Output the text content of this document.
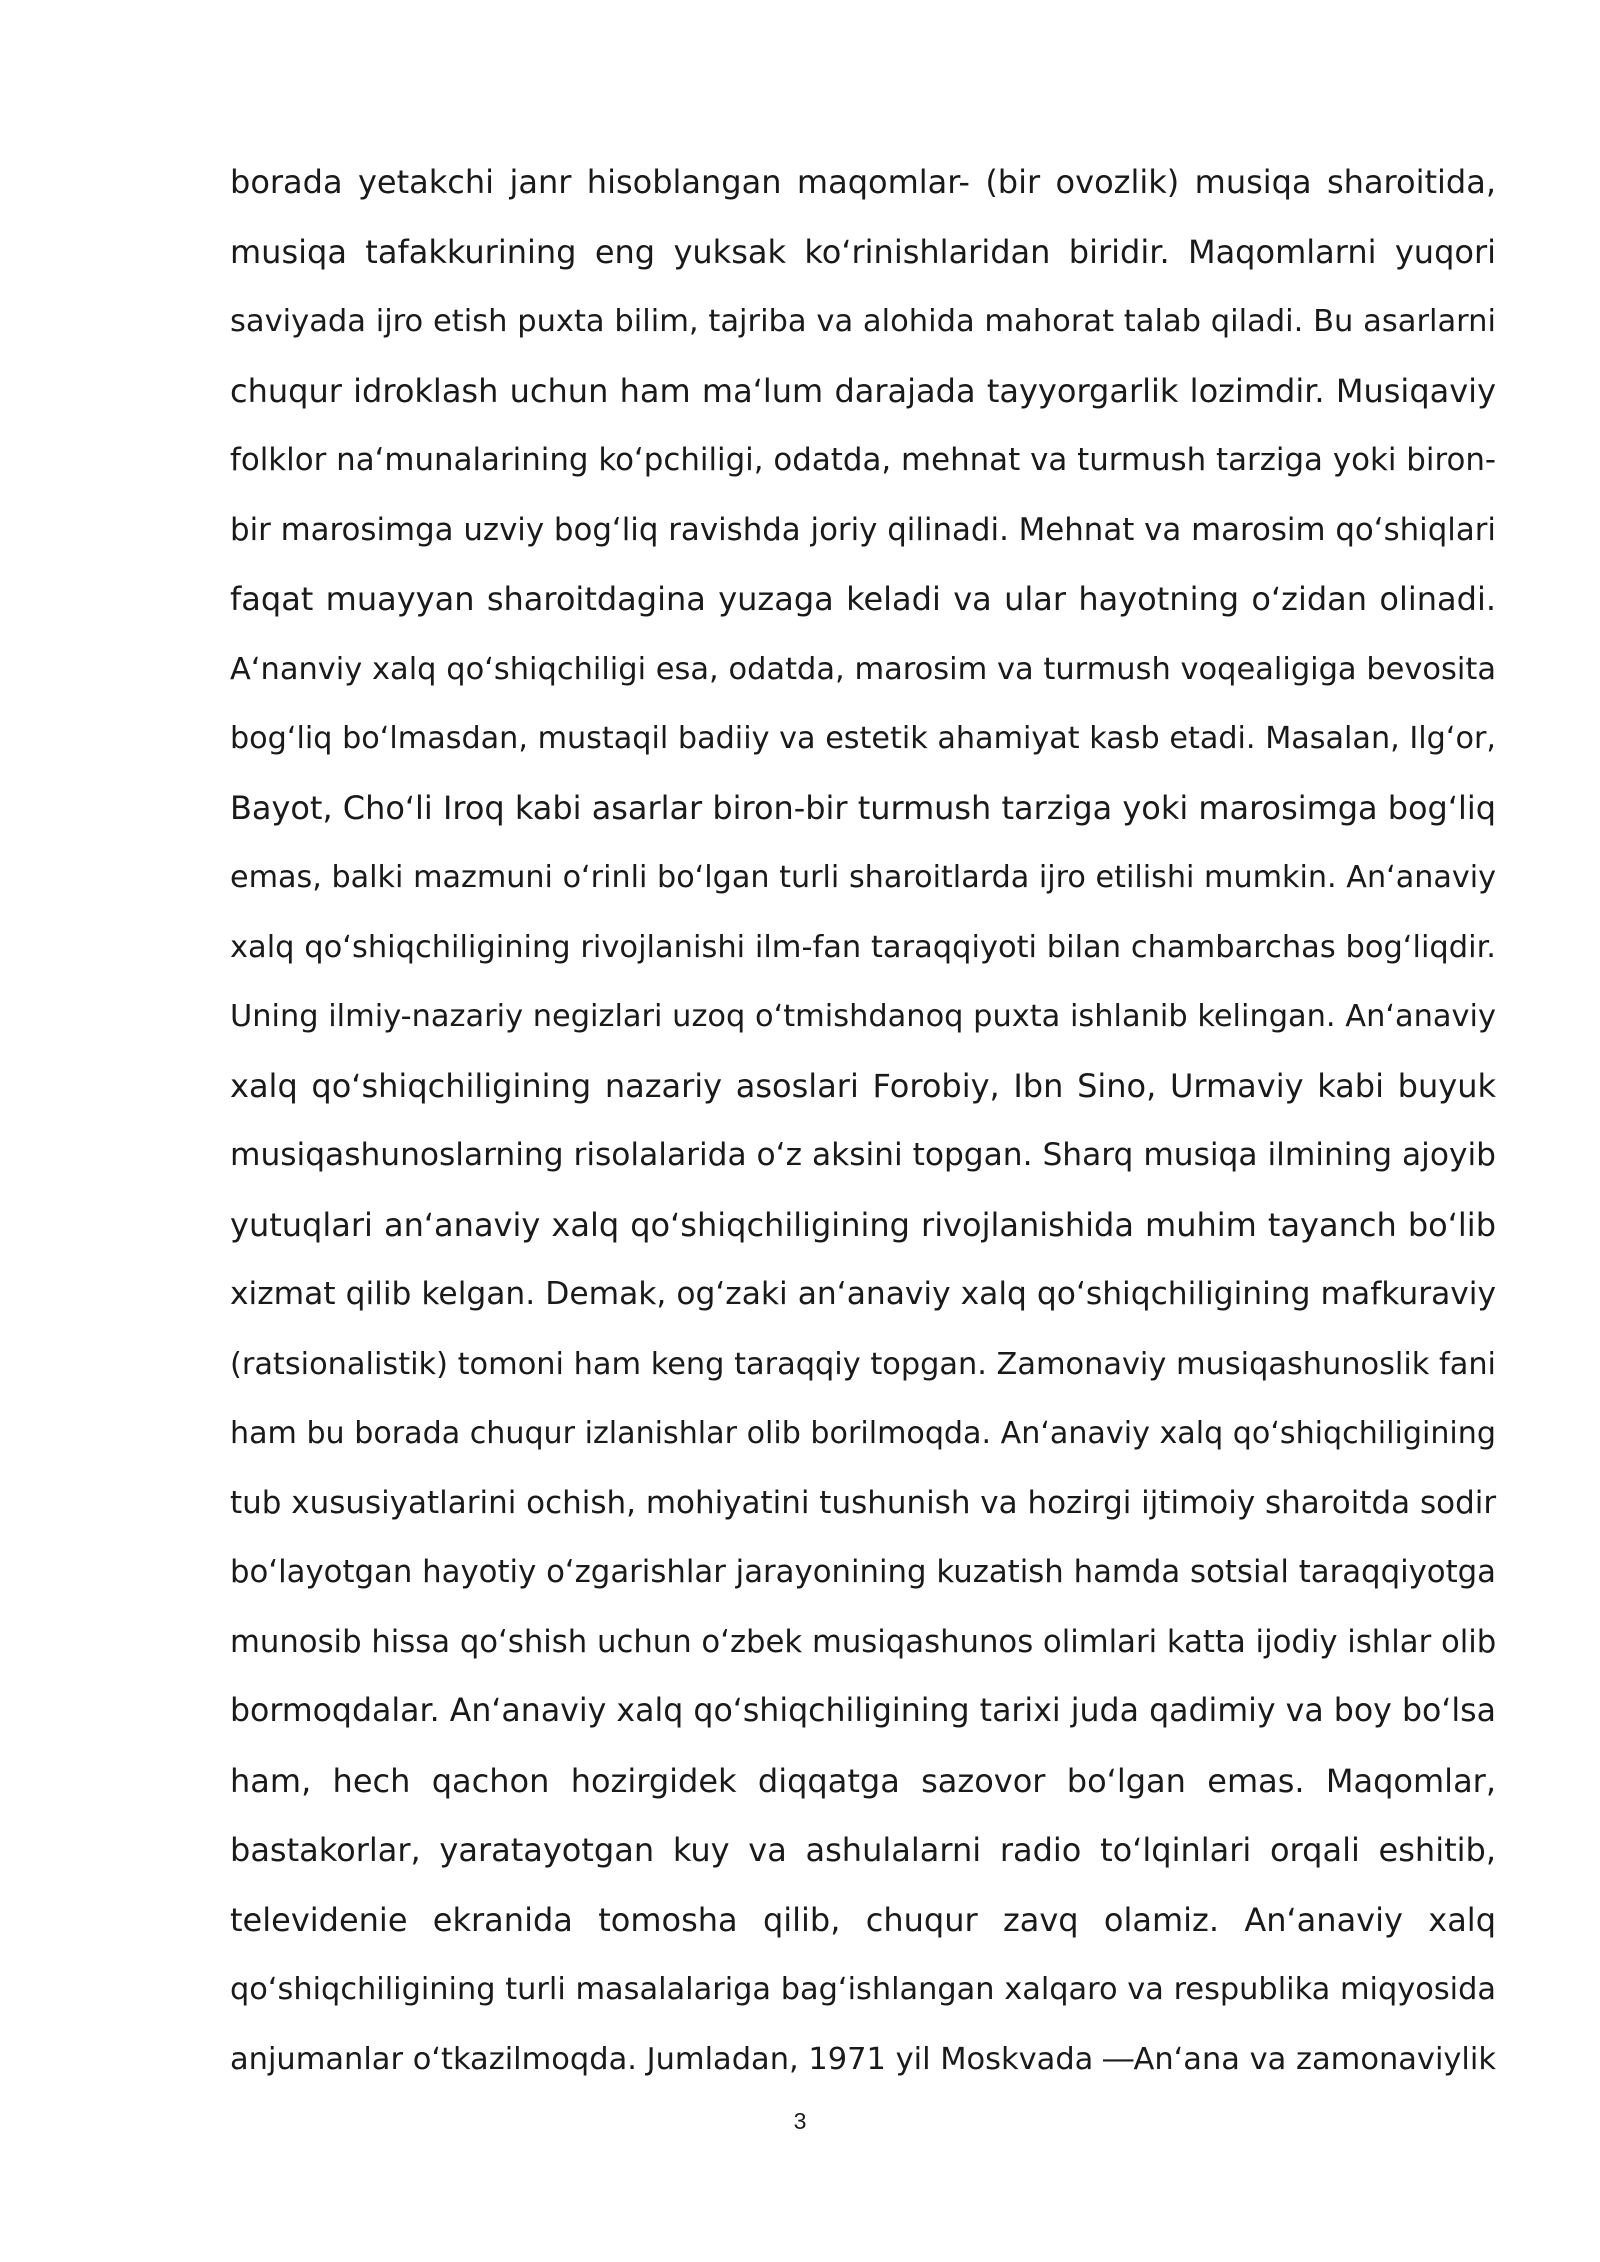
borada yetakchi janr hisoblangan maqomlar- (bir ovozlik) musiqa sharoitida,
musiqa tafakkurining eng yuksak koʻrinishlaridan biridir. Maqomlarni yuqori
saviyada ijro etish puxta bilim, tajriba va alohida mahorat talab qiladi. Bu asarlarni
chuqur idroklash uchun ham maʻlum darajada tayyorgarlik lozimdir. Musiqaviy
folklor naʻmunalarining koʻpchiligi, odatda, mehnat va turmush tarziga yoki biron-
bir marosimga uzviy bogʻliq ravishda joriy qilinadi. Mehnat va marosim qoʻshiqlari
faqat muayyan sharoitdagina yuzaga keladi va ular hayotning oʻzidan olinadi.
Aʻnanviy xalq qoʻshiqchiligi esa, odatda, marosim va turmush voqealigiga bevosita
bogʻliq boʻlmasdan, mustaqil badiiy va estetik ahamiyat kasb etadi. Masalan, Ilgʻor,
Bayot, Choʻli Iroq kabi asarlar biron-bir turmush tarziga yoki marosimga bogʻliq
emas, balki mazmuni oʻrinli boʻlgan turli sharoitlarda ijro etilishi mumkin. Anʻanaviy
xalq qoʻshiqchiligining rivojlanishi ilm-fan taraqqiyoti bilan chambarchas bogʻliqdir.
Uning ilmiy-nazariy negizlari uzoq oʻtmishdanoq puxta ishlanib kelingan. Anʻanaviy
xalq qoʻshiqchiligining nazariy asoslari Forobiy, Ibn Sino, Urmaviy kabi buyuk
musiqashunoslarning risolalarida oʻz aksini topgan. Sharq musiqa ilmining ajoyib
yutuqlari anʻanaviy xalq qoʻshiqchiligining rivojlanishida muhim tayanch boʻlib
xizmat qilib kelgan. Demak, ogʻzaki anʻanaviy xalq qoʻshiqchiligining mafkuraviy
(ratsionalistik) tomoni ham keng taraqqiy topgan. Zamonaviy musiqashunoslik fani
ham bu borada chuqur izlanishlar olib borilmoqda. Anʻanaviy xalq qoʻshiqchiligining
tub xususiyatlarini ochish, mohiyatini tushunish va hozirgi ijtimoiy sharoitda sodir
boʻlayotgan hayotiy oʻzgarishlar jarayonining kuzatish hamda sotsial taraqqiyotga
munosib hissa qoʻshish uchun oʻzbek musiqashunos olimlari katta ijodiy ishlar olib
bormoqdalar. Anʻanaviy xalq qoʻshiqchiligining tarixi juda qadimiy va boy boʻlsa
ham, hech qachon hozirgidek diqqatga sazovor boʻlgan emas. Maqomlar,
bastakorlar, yaratayotgan kuy va ashulalarni radio toʻlqinlari orqali eshitib,
televidenie ekranida tomosha qilib, chuqur zavq olamiz. Anʻanaviy xalq
qoʻshiqchiligining turli masalalariga bagʻishlangan xalqaro va respublika miqyosida
anjumanlar oʻtkazilmoqda. Jumladan, 1971 yil Moskvada ―Anʻana va zamonaviylik
3
